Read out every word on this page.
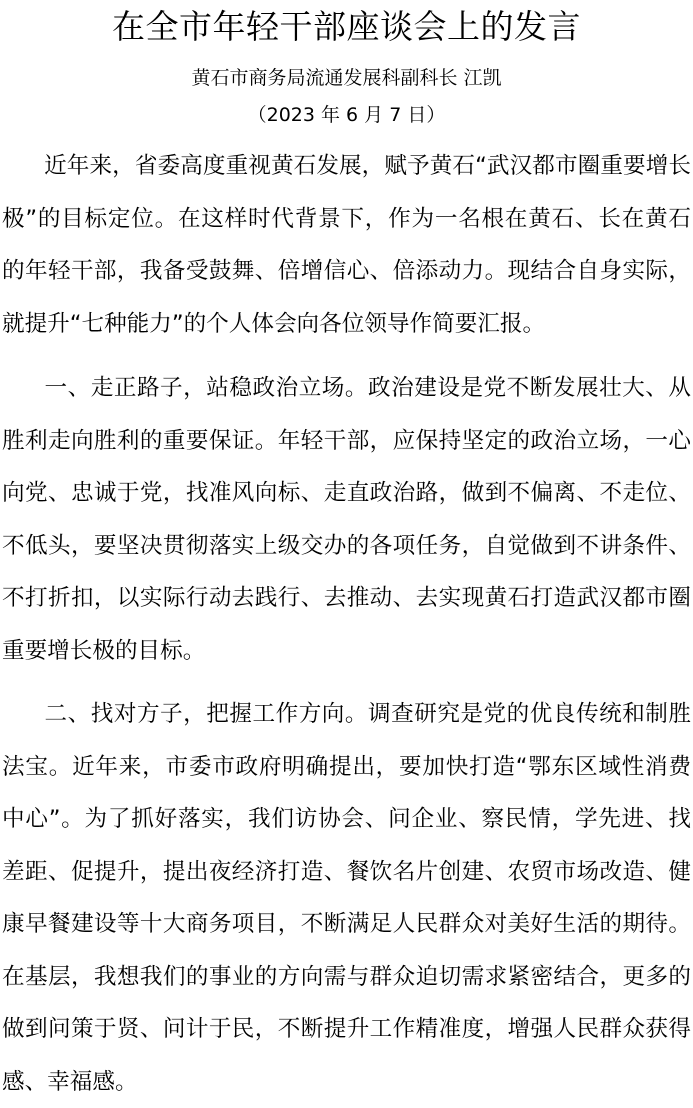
在全市年轻干部座谈会上的发言
黄石市商务局流通发展科副科长 江凯
（2023 年 6 月 7 日）
近年来，省委高度重视黄石发展，赋予黄石“武汉都市圈重要增长极”的目标定位。在这样时代背景下，作为一名根在黄石、长在黄石的年轻干部，我备受鼓舞、倍增信心、倍添动力。现结合自身实际，就提升“七种能力”的个人体会向各位领导作简要汇报。
一、走正路子，站稳政治立场。政治建设是党不断发展壮大、从胜利走向胜利的重要保证。年轻干部，应保持坚定的政治立场，一心向党、忠诚于党，找准风向标、走直政治路，做到不偏离、不走位、不低头，要坚决贯彻落实上级交办的各项任务，自觉做到不讲条件、不打折扣，以实际行动去践行、去推动、去实现黄石打造武汉都市圈重要增长极的目标。
二、找对方子，把握工作方向。调查研究是党的优良传统和制胜法宝。近年来，市委市政府明确提出，要加快打造“鄂东区域性消费中心”。为了抓好落实，我们访协会、问企业、察民情，学先进、找差距、促提升，提出夜经济打造、餐饮名片创建、农贸市场改造、健康早餐建设等十大商务项目，不断满足人民群众对美好生活的期待。在基层，我想我们的事业的方向需与群众迫切需求紧密结合，更多的做到问策于贤、问计于民，不断提升工作精准度，增强人民群众获得感、幸福感。
